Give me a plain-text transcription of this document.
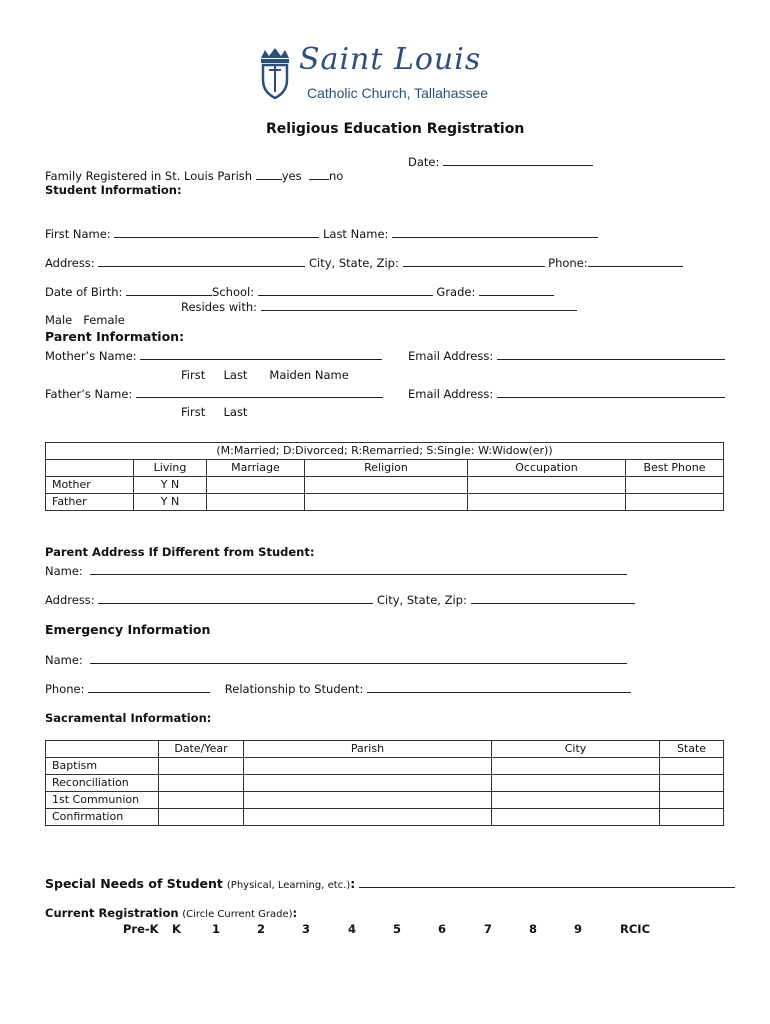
Saint Louis

Catholic Church, Tallahassee

Religious Education Registration

Family Registered in St. Louis Parish	yes no

Date:
Student Information:

First Name:	Last Name:

Address:	City, State, Zip:	Phone:

Date of Birth:	School:	Grade:

Male Female

Resides with:
Parent Information:
Mother’s Name:	Email Address:
First Last Maiden Name
Father’s Name:	Email Address:
First Last
(M:Married; D:Divorced; R:Remarried; S:Single: W:Widow(er))					
	Living	Marriage	Religion	Occupation	Best Phone
Mother	Y N				
Father	Y N				
Parent Address If Different from Student:
Name:
Address:	City, State, Zip:
Emergency Information
Name:
Phone:	Relationship to Student:
Sacramental Information:
	Date/Year	Parish	City	State
Baptism				
Reconciliation				
1st Communion				
Confirmation				

Special Needs of Student (Physical, Learning, etc.):

Current Registration (Circle Current Grade):

Pre-K K	1	2	3	4	5	6	7	8	9	RCIC
